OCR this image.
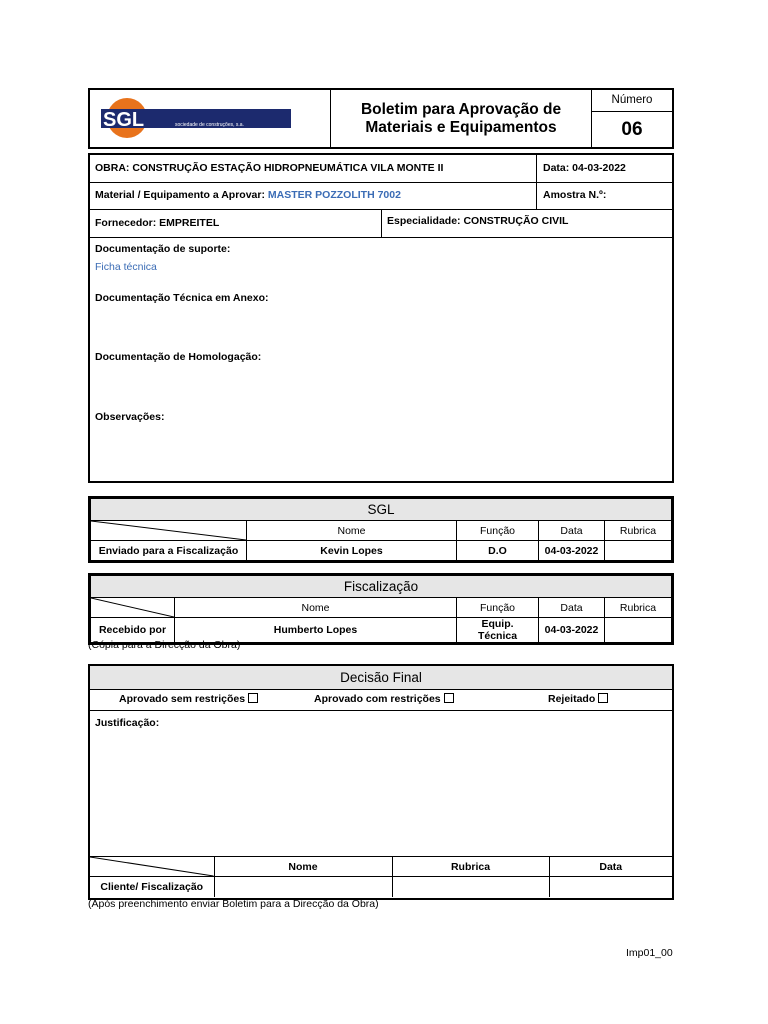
SGL	sociedade de construções, s.a.
Boletim para Aprovação de
Materiais e Equipamentos
Número
06
OBRA: CONSTRUÇÃO ESTAÇÃO HIDROPNEUMÁTICA VILA MONTE II	Data: 04-03-2022
Material / Equipamento a Aprovar: MASTER POZZOLITH 7002	Amostra N.º:
Fornecedor: EMPREITEL	Especialidade: CONSTRUÇÃO CIVIL
Documentação de suporte:
Ficha técnica
Documentação Técnica em Anexo:
Documentação de Homologação:
Observações:
SGL				

	Nome	Função	Data	Rubrica
Enviado para a Fiscalização	Kevin Lopes	D.O	04-03-2022	
Fiscalização				

	Nome	Função	Data	Rubrica
Recebido por	Humberto Lopes	Equip. Técnica	04-03-2022	
(Cópia para a Direcção da Obra)
Decisão Final
Aprovado sem restrições	Aprovado com restrições	Rejeitado
Justificação:
	Nome	Rubrica	Data
Cliente/ Fiscalização			
(Após preenchimento enviar Boletim para a Direcção da Obra)
Imp01_00
